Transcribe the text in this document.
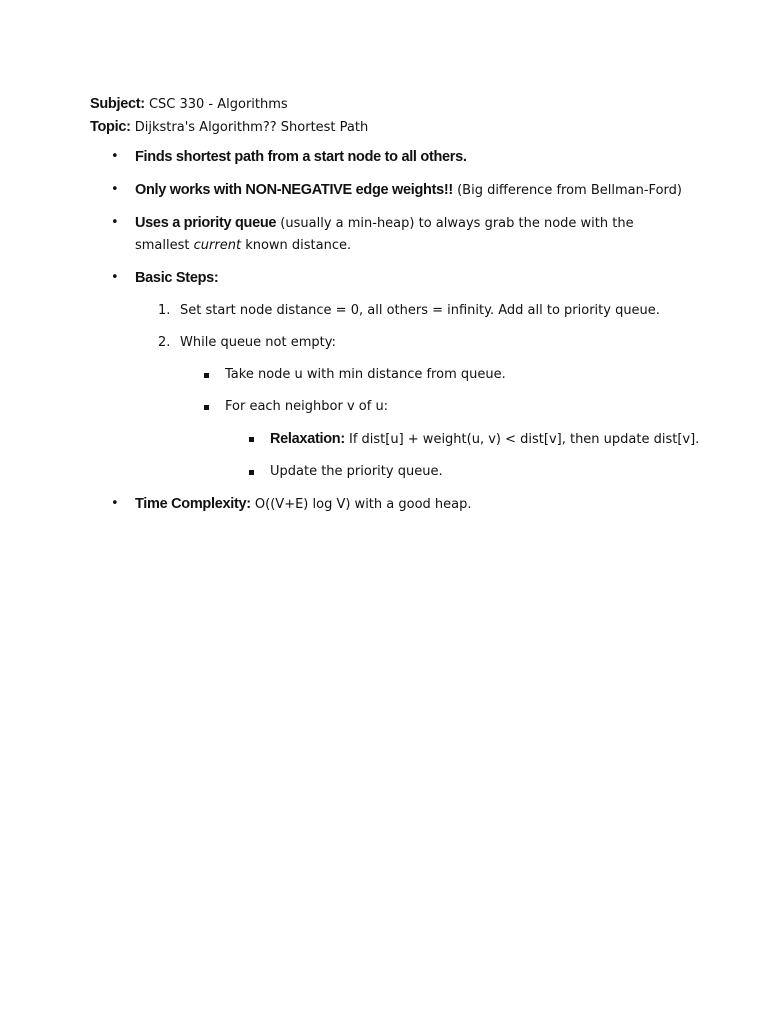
Subject: CSC 330 - Algorithms
Topic: Dijkstra's Algorithm?? Shortest Path
• Finds shortest path from a start node to all others.
• Only works with NON-NEGATIVE edge weights!! (Big difference from Bellman-Ford)
• Uses a priority queue (usually a min-heap) to always grab the node with the
smallest current known distance.
• Basic Steps:
1. Set start node distance = 0, all others = infinity. Add all to priority queue.
2. While queue not empty:
Take node u with min distance from queue.
For each neighbor v of u:
Relaxation: If dist[u] + weight(u, v) < dist[v], then update dist[v].
Update the priority queue.
• Time Complexity: O((V+E) log V) with a good heap.
